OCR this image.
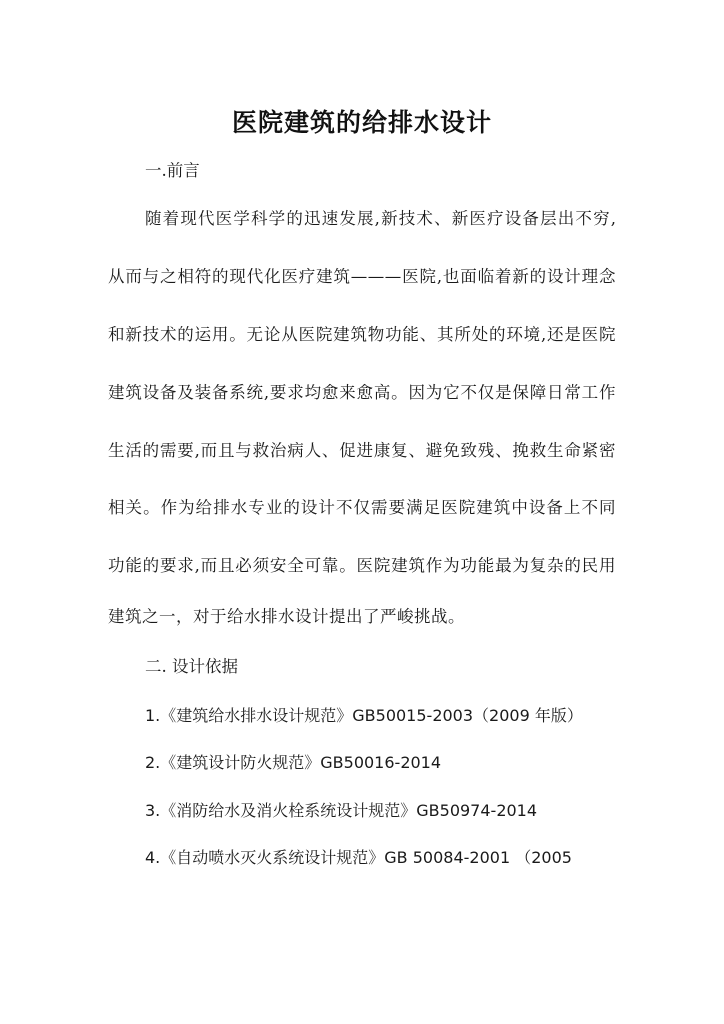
医院建筑的给排水设计
一.前言
随着现代医学科学的迅速发展,新技术、新医疗设备层出不穷,
从而与之相符的现代化医疗建筑———医院,也面临着新的设计理念
和新技术的运用。无论从医院建筑物功能、其所处的环境,还是医院
建筑设备及装备系统,要求均愈来愈高。因为它不仅是保障日常工作
生活的需要,而且与救治病人、促进康复、避免致残、挽救生命紧密
相关。作为给排水专业的设计不仅需要满足医院建筑中设备上不同
功能的要求,而且必须安全可靠。医院建筑作为功能最为复杂的民用
建筑之一，对于给水排水设计提出了严峻挑战。
二. 设计依据
1.《建筑给水排水设计规范》GB50015-2003（2009 年版）
2.《建筑设计防火规范》GB50016-2014
3.《消防给水及消火栓系统设计规范》GB50974-2014
4.《自动喷水灭火系统设计规范》GB 50084-2001 （2005
